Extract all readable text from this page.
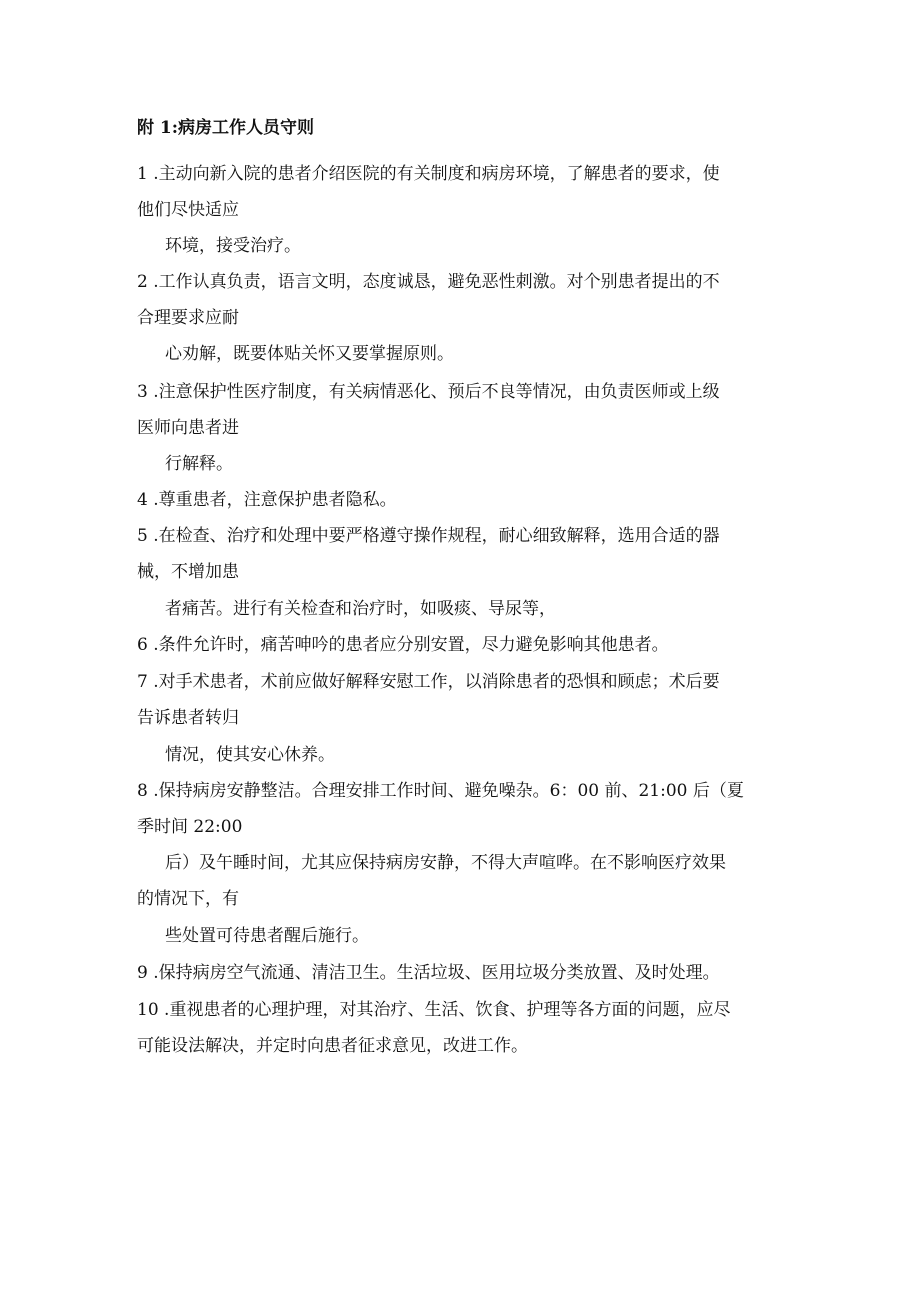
附 1:病房工作人员守则
1 .主动向新入院的患者介绍医院的有关制度和病房环境，了解患者的要求，使
他们尽快适应
环境，接受治疗。
2 .工作认真负责，语言文明，态度诚恳，避免恶性刺激。对个别患者提出的不
合理要求应耐
心劝解，既要体贴关怀又要掌握原则。
3 .注意保护性医疗制度，有关病情恶化、预后不良等情况，由负责医师或上级
医师向患者进
行解释。
4 .尊重患者，注意保护患者隐私。
5 .在检查、治疗和处理中要严格遵守操作规程，耐心细致解释，选用合适的器
械，不增加患
者痛苦。进行有关检查和治疗时，如吸痰、导尿等，
6 .条件允许时，痛苦呻吟的患者应分别安置，尽力避免影响其他患者。
7 .对手术患者，术前应做好解释安慰工作，以消除患者的恐惧和顾虑；术后要
告诉患者转归
情况，使其安心休养。
8 .保持病房安静整洁。合理安排工作时间、避免噪杂。6：00 前、21:00 后（夏
季时间 22:00
后）及午睡时间，尤其应保持病房安静，不得大声喧哗。在不影响医疗效果
的情况下，有
些处置可待患者醒后施行。
9 .保持病房空气流通、清洁卫生。生活垃圾、医用垃圾分类放置、及时处理。
10 .重视患者的心理护理，对其治疗、生活、饮食、护理等各方面的问题，应尽
可能设法解决，并定时向患者征求意见，改进工作。
